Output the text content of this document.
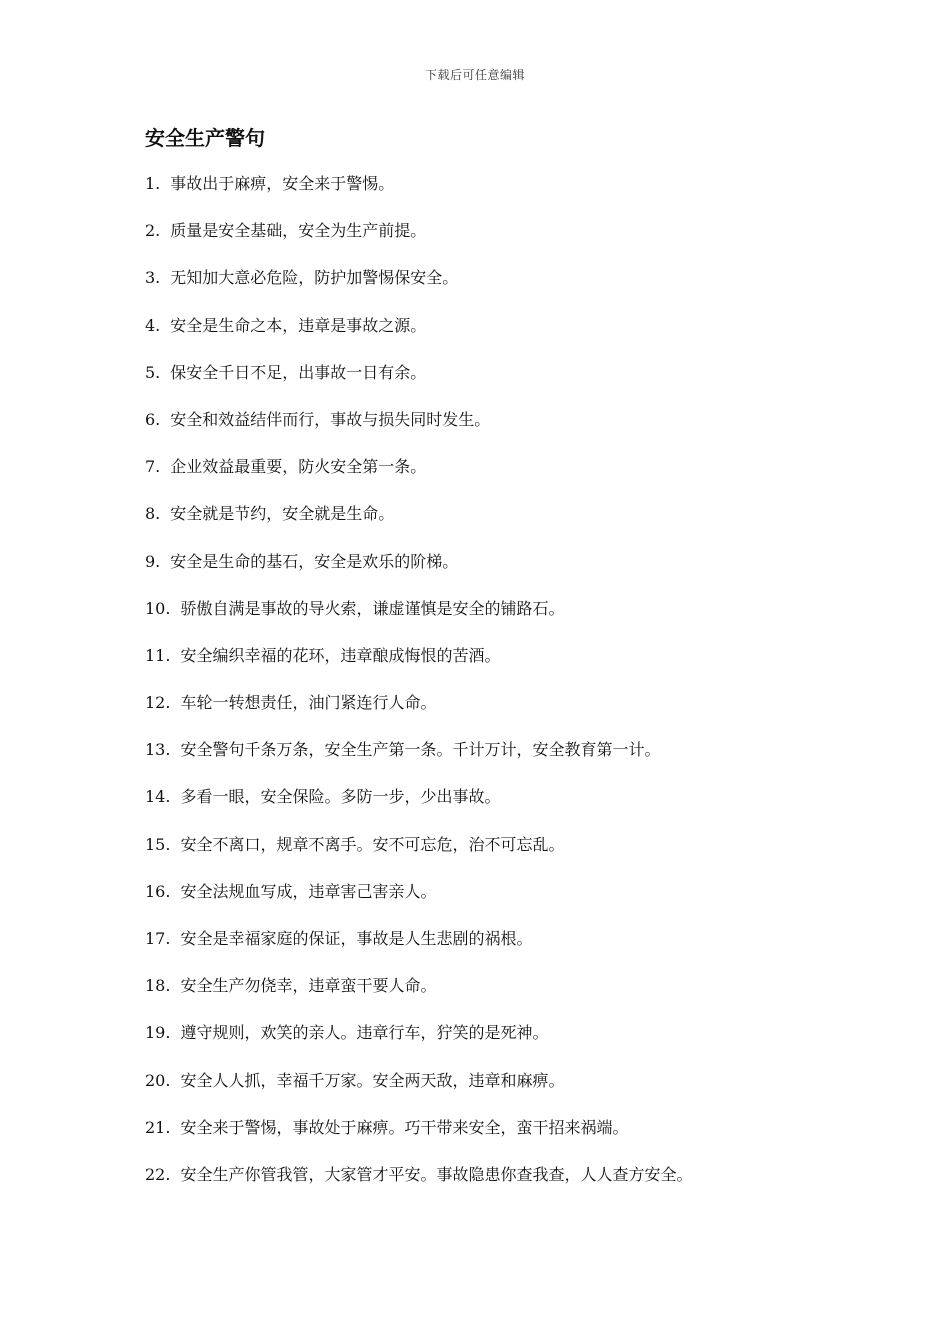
下载后可任意编辑
安全生产警句
1. 事故出于麻痹，安全来于警惕。
2. 质量是安全基础，安全为生产前提。
3. 无知加大意必危险，防护加警惕保安全。
4. 安全是生命之本，违章是事故之源。
5. 保安全千日不足，出事故一日有余。
6. 安全和效益结伴而行，事故与损失同时发生。
7. 企业效益最重要，防火安全第一条。
8. 安全就是节约，安全就是生命。
9. 安全是生命的基石，安全是欢乐的阶梯。
10. 骄傲自满是事故的导火索，谦虚谨慎是安全的铺路石。
11. 安全编织幸福的花环，违章酿成悔恨的苦酒。
12. 车轮一转想责任，油门紧连行人命。
13. 安全警句千条万条，安全生产第一条。千计万计，安全教育第一计。
14. 多看一眼，安全保险。多防一步，少出事故。
15. 安全不离口，规章不离手。安不可忘危，治不可忘乱。
16. 安全法规血写成，违章害己害亲人。
17. 安全是幸福家庭的保证，事故是人生悲剧的祸根。
18. 安全生产勿侥幸，违章蛮干要人命。
19. 遵守规则，欢笑的亲人。违章行车，狞笑的是死神。
20. 安全人人抓，幸福千万家。安全两天敌，违章和麻痹。
21. 安全来于警惕，事故处于麻痹。巧干带来安全，蛮干招来祸端。
22. 安全生产你管我管，大家管才平安。事故隐患你查我查，人人查方安全。
